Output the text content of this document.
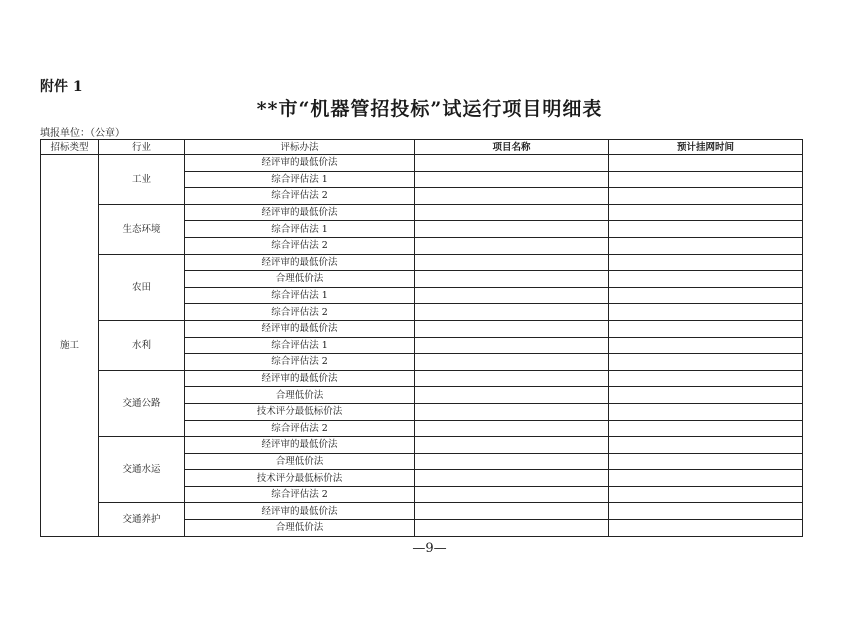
附件 1
**市“机器管招投标”试运行项目明细表
填报单位：（公章）
招标类型	行业	评标办法	项目名称	预计挂网时间
施工	工业	经评审的最低价法		
		综合评估法 1		
		综合评估法 2		
	生态环境	经评审的最低价法		
		综合评估法 1		
		综合评估法 2		
	农田	经评审的最低价法		
		合理低价法		
		综合评估法 1		
		综合评估法 2		
	水利	经评审的最低价法		
		综合评估法 1		
		综合评估法 2		
	交通公路	经评审的最低价法		
		合理低价法		
		技术评分最低标价法		
		综合评估法 2		
	交通水运	经评审的最低价法		
		合理低价法		
		技术评分最低标价法		
		综合评估法 2		
	交通养护	经评审的最低价法		
		合理低价法		
—9—
